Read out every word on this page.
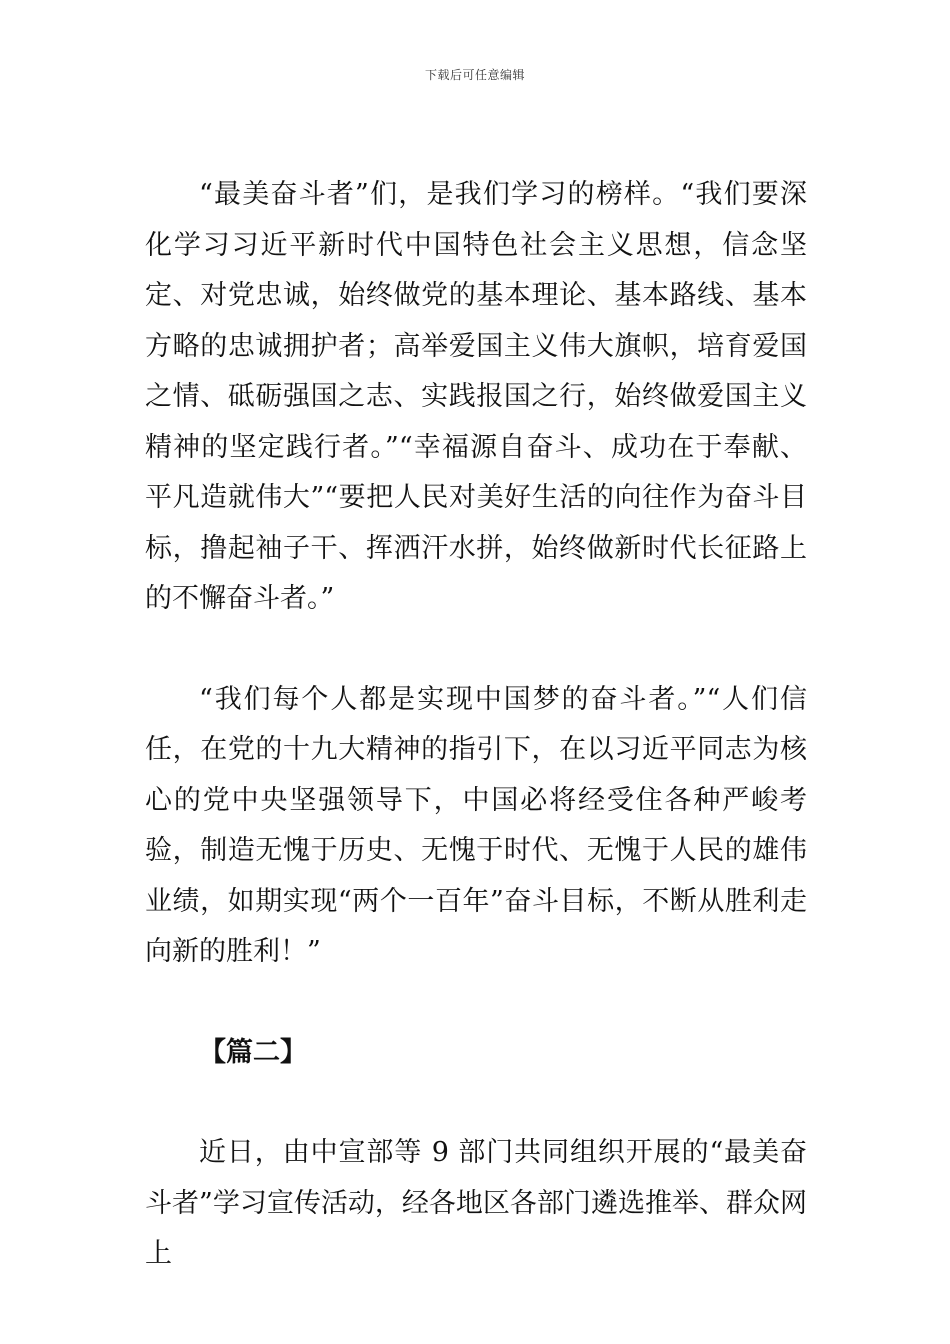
下载后可任意编辑

“最美奋斗者”们，是我们学习的榜样。“我们要深化学习习近平新时代中国特色社会主义思想，信念坚定、对党忠诚，始终做党的基本理论、基本路线、基本方略的忠诚拥护者；高举爱国主义伟大旗帜，培育爱国之情、砥砺强国之志、实践报国之行，始终做爱国主义精神的坚定践行者。”“幸福源自奋斗、成功在于奉献、平凡造就伟大”“要把人民对美好生活的向往作为奋斗目标，撸起袖子干、挥洒汗水拼，始终做新时代长征路上的不懈奋斗者。”

“我们每个人都是实现中国梦的奋斗者。”“人们信任，在党的十九大精神的指引下，在以习近平同志为核心的党中央坚强领导下，中国必将经受住各种严峻考验，制造无愧于历史、无愧于时代、无愧于人民的雄伟业绩，如期实现“两个一百年”奋斗目标，不断从胜利走向新的胜利！”

【篇二】

近日，由中宣部等 9 部门共同组织开展的“最美奋斗者”学习宣传活动，经各地区各部门遴选推举、群众网上
